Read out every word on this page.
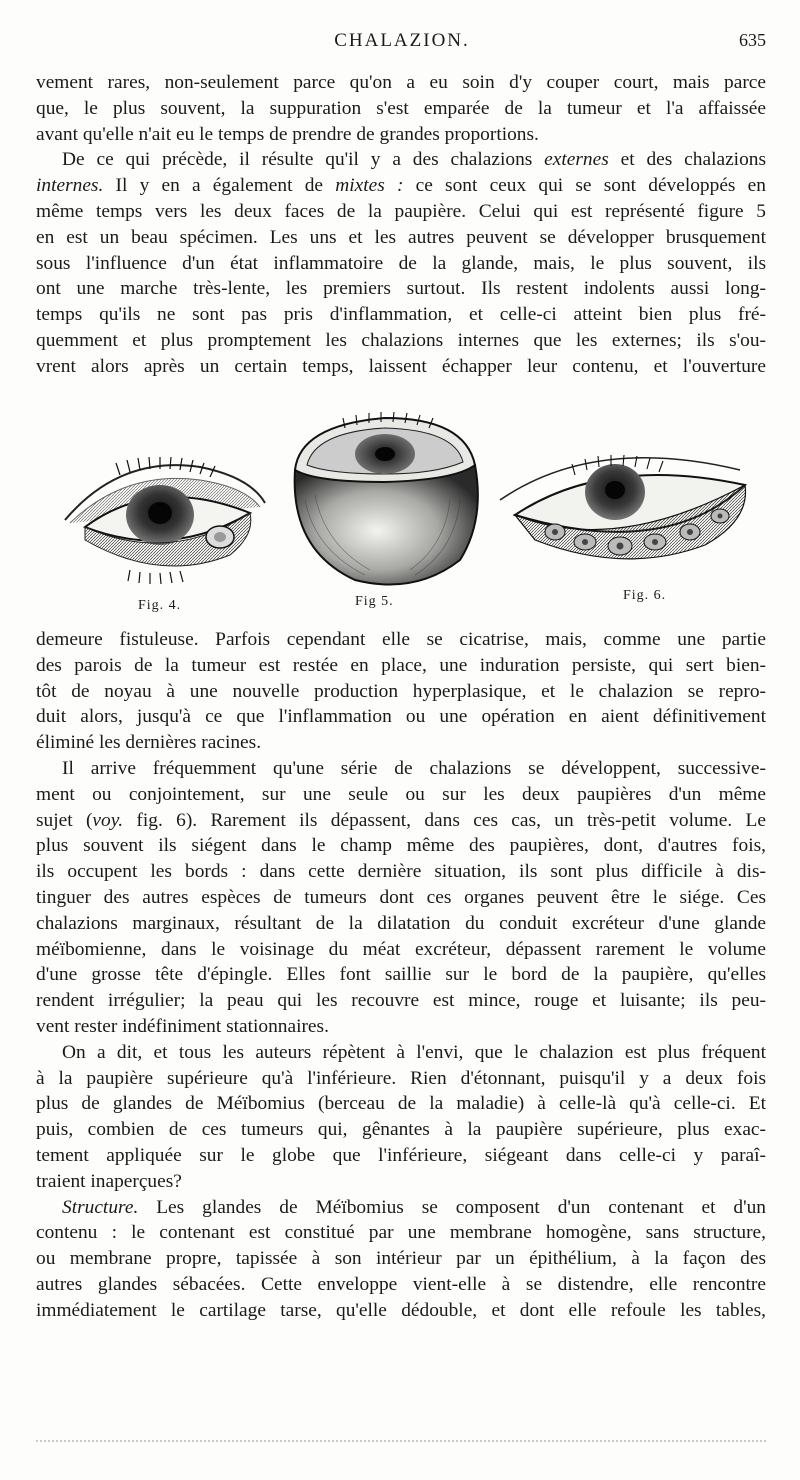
CHALAZION.	635
vement rares, non-seulement parce qu'on a eu soin d'y couper court, mais parce
que, le plus souvent, la suppuration s'est emparée de la tumeur et l'a affaissée
avant qu'elle n'ait eu le temps de prendre de grandes proportions.
De ce qui précède, il résulte qu'il y a des chalazions externes et des chalazions
internes. Il y en a également de mixtes : ce sont ceux qui se sont développés en
même temps vers les deux faces de la paupière. Celui qui est représenté figure 5
en est un beau spécimen. Les uns et les autres peuvent se développer brusquement
sous l'influence d'un état inflammatoire de la glande, mais, le plus souvent, ils
ont une marche très-lente, les premiers surtout. Ils restent indolents aussi long-
temps qu'ils ne sont pas pris d'inflammation, et celle-ci atteint bien plus fré-
quemment et plus promptement les chalazions internes que les externes; ils s'ou-
vrent alors après un certain temps, laissent échapper leur contenu, et l'ouverture
Fig. 4.	Fig 5.	Fig. 6.
demeure fistuleuse. Parfois cependant elle se cicatrise, mais, comme une partie
des parois de la tumeur est restée en place, une induration persiste, qui sert bien-
tôt de noyau à une nouvelle production hyperplasique, et le chalazion se repro-
duit alors, jusqu'à ce que l'inflammation ou une opération en aient définitivement
éliminé les dernières racines.
Il arrive fréquemment qu'une série de chalazions se développent, successive-
ment ou conjointement, sur une seule ou sur les deux paupières d'un même
sujet (voy. fig. 6). Rarement ils dépassent, dans ces cas, un très-petit volume. Le
plus souvent ils siégent dans le champ même des paupières, dont, d'autres fois,
ils occupent les bords : dans cette dernière situation, ils sont plus difficile à dis-
tinguer des autres espèces de tumeurs dont ces organes peuvent être le siége. Ces
chalazions marginaux, résultant de la dilatation du conduit excréteur d'une glande
méïbomienne, dans le voisinage du méat excréteur, dépassent rarement le volume
d'une grosse tête d'épingle. Elles font saillie sur le bord de la paupière, qu'elles
rendent irrégulier; la peau qui les recouvre est mince, rouge et luisante; ils peu-
vent rester indéfiniment stationnaires.
On a dit, et tous les auteurs répètent à l'envi, que le chalazion est plus fréquent
à la paupière supérieure qu'à l'inférieure. Rien d'étonnant, puisqu'il y a deux fois
plus de glandes de Méïbomius (berceau de la maladie) à celle-là qu'à celle-ci. Et
puis, combien de ces tumeurs qui, gênantes à la paupière supérieure, plus exac-
tement appliquée sur le globe que l'inférieure, siégeant dans celle-ci y paraî-
traient inaperçues?
Structure. Les glandes de Méïbomius se composent d'un contenant et d'un
contenu : le contenant est constitué par une membrane homogène, sans structure,
ou membrane propre, tapissée à son intérieur par un épithélium, à la façon des
autres glandes sébacées. Cette enveloppe vient-elle à se distendre, elle rencontre
immédiatement le cartilage tarse, qu'elle dédouble, et dont elle refoule les tables,
